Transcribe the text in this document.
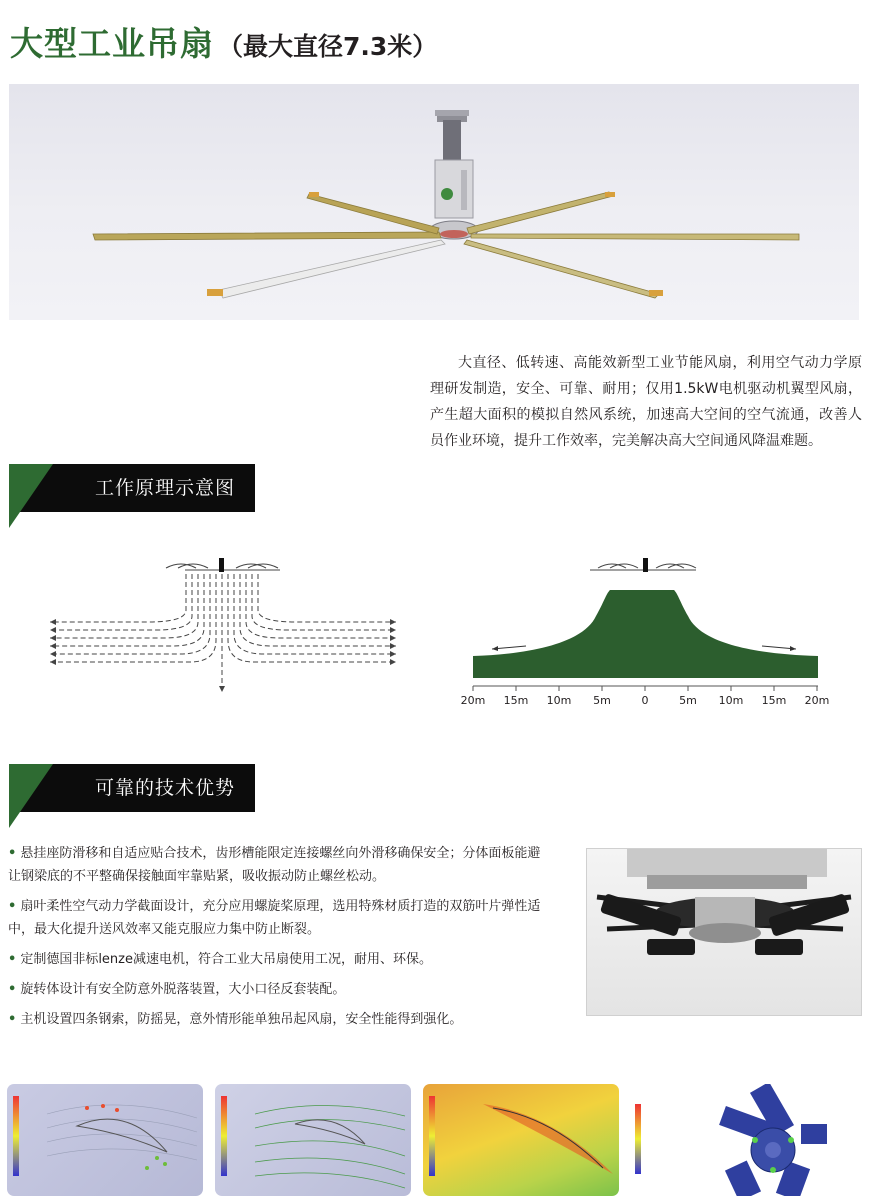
大型工业吊扇 （最大直径7.3米）
大直径、低转速、高能效新型工业节能风扇，利用空气动力学原理研发制造，安全、可靠、耐用；仅用1.5kW电机驱动机翼型风扇，产生超大面积的模拟自然风系统，加速高大空间的空气流通，改善人员作业环境，提升工作效率，完美解决高大空间通风降温难题。
工作原理示意图
20m 15m 10m 5m	0	5m 10m 15m 20m
可靠的技术优势
• 悬挂座防滑移和自适应贴合技术，齿形槽能限定连接螺丝向外滑移确保安全；分体面板能避让钢梁底的不平整确保接触面牢靠贴紧，吸收振动防止螺丝松动。
• 扇叶柔性空气动力学截面设计，充分应用螺旋桨原理，选用特殊材质打造的双筋叶片弹性适中，最大化提升送风效率又能克服应力集中防止断裂。
• 定制德国非标lenze减速电机，符合工业大吊扇使用工况，耐用、环保。
• 旋转体设计有安全防意外脱落装置，大小口径反套装配。
• 主机设置四条钢索，防摇晃，意外情形能单独吊起风扇，安全性能得到强化。
